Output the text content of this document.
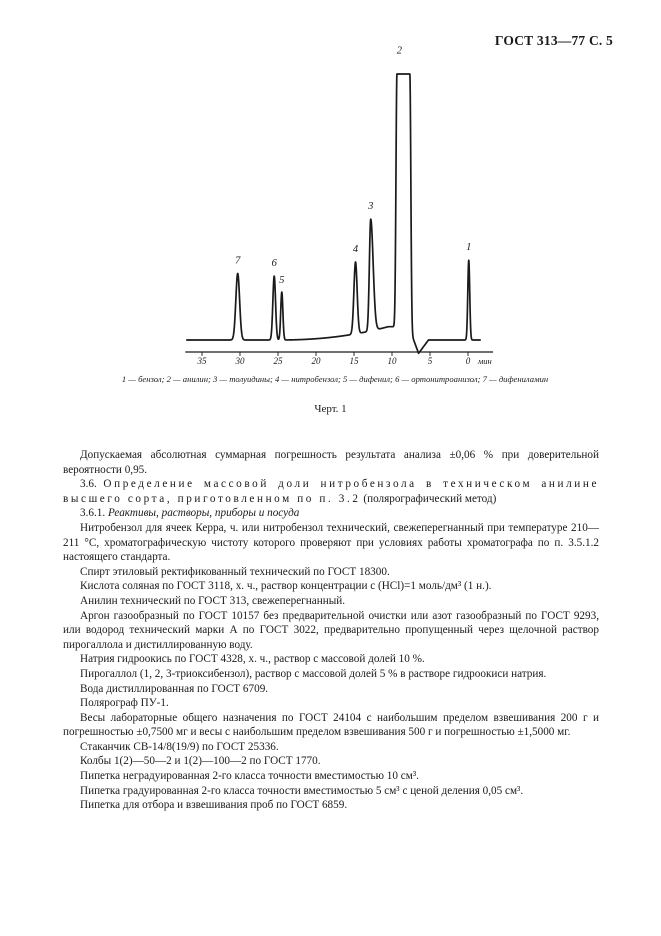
ГОСТ 313—77 С. 5
35	30	25	20	15	10	5	0
7	6
5
4
3
2
1
мин
1 — бензол; 2 — анилин; 3 — толуидины; 4 — нитробензол; 5 — дифенил; 6 — ортонитроанизол; 7 — дифениламин
Черт. 1

Допускаемая абсолютная суммарная погрешность результата анализа ±0,06 % при доверительной вероятности 0,95.

3.6. Определение массовой доли нитробензола в техническом анилине высшего сорта, приготовленном по п. 3.2 (полярографический метод)

3.6.1. Реактивы, растворы, приборы и посуда

Нитробензол для ячеек Керра, ч. или нитробензол технический, свежеперегнанный при температуре 210—211 °С, хроматографическую чистоту которого проверяют при условиях работы хроматографа по п. 3.5.1.2 настоящего стандарта.

Спирт этиловый ректификованный технический по ГОСТ 18300.

Кислота соляная по ГОСТ 3118, х. ч., раствор концентрации c (HCl)=1 моль/дм³ (1 н.).

Анилин технический по ГОСТ 313, свежеперегнанный.

Аргон газообразный по ГОСТ 10157 без предварительной очистки или азот газообразный по ГОСТ 9293, или водород технический марки А по ГОСТ 3022, предварительно пропущенный через щелочной раствор пирогаллола и дистиллированную воду.

Натрия гидроокись по ГОСТ 4328, х. ч., раствор с массовой долей 10 %.

Пирогаллол (1, 2, 3-триоксибензол), раствор с массовой долей 5 % в растворе гидроокиси натрия.

Вода дистиллированная по ГОСТ 6709.

Полярограф ПУ-1.

Весы лабораторные общего назначения по ГОСТ 24104 с наибольшим пределом взвешивания 200 г и погрешностью ±0,7500 мг и весы с наибольшим пределом взвешивания 500 г и погрешностью ±1,5000 мг.

Стаканчик СВ-14/8(19/9) по ГОСТ 25336.

Колбы 1(2)—50—2 и 1(2)—100—2 по ГОСТ 1770.

Пипетка неградуированная 2-го класса точности вместимостью 10 см³.

Пипетка градуированная 2-го класса точности вместимостью 5 см³ с ценой деления 0,05 см³.

Пипетка для отбора и взвешивания проб по ГОСТ 6859.
